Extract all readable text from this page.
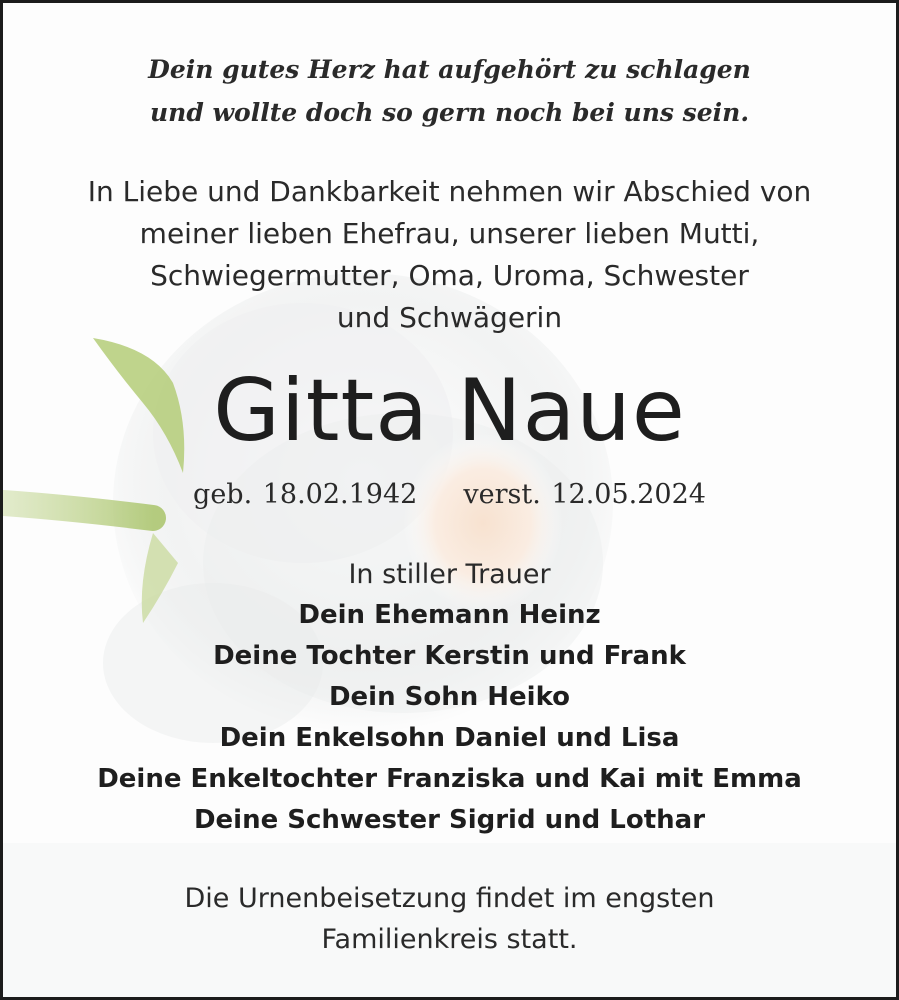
Dein gutes Herz hat aufgehört zu schlagen

und wollte doch so gern noch bei uns sein.

In Liebe und Dankbarkeit nehmen wir Abschied von

meiner lieben Ehefrau, unserer lieben Mutti,

Schwiegermutter, Oma, Uroma, Schwester

und Schwägerin

Gitta Naue

geb. 18.02.1942 verst. 12.05.2024

In stiller Trauer

Dein Ehemann Heinz

Deine Tochter Kerstin und Frank

Dein Sohn Heiko

Dein Enkelsohn Daniel und Lisa

Deine Enkeltochter Franziska und Kai mit Emma

Deine Schwester Sigrid und Lothar

Die Urnenbeisetzung findet im engsten

Familienkreis statt.
